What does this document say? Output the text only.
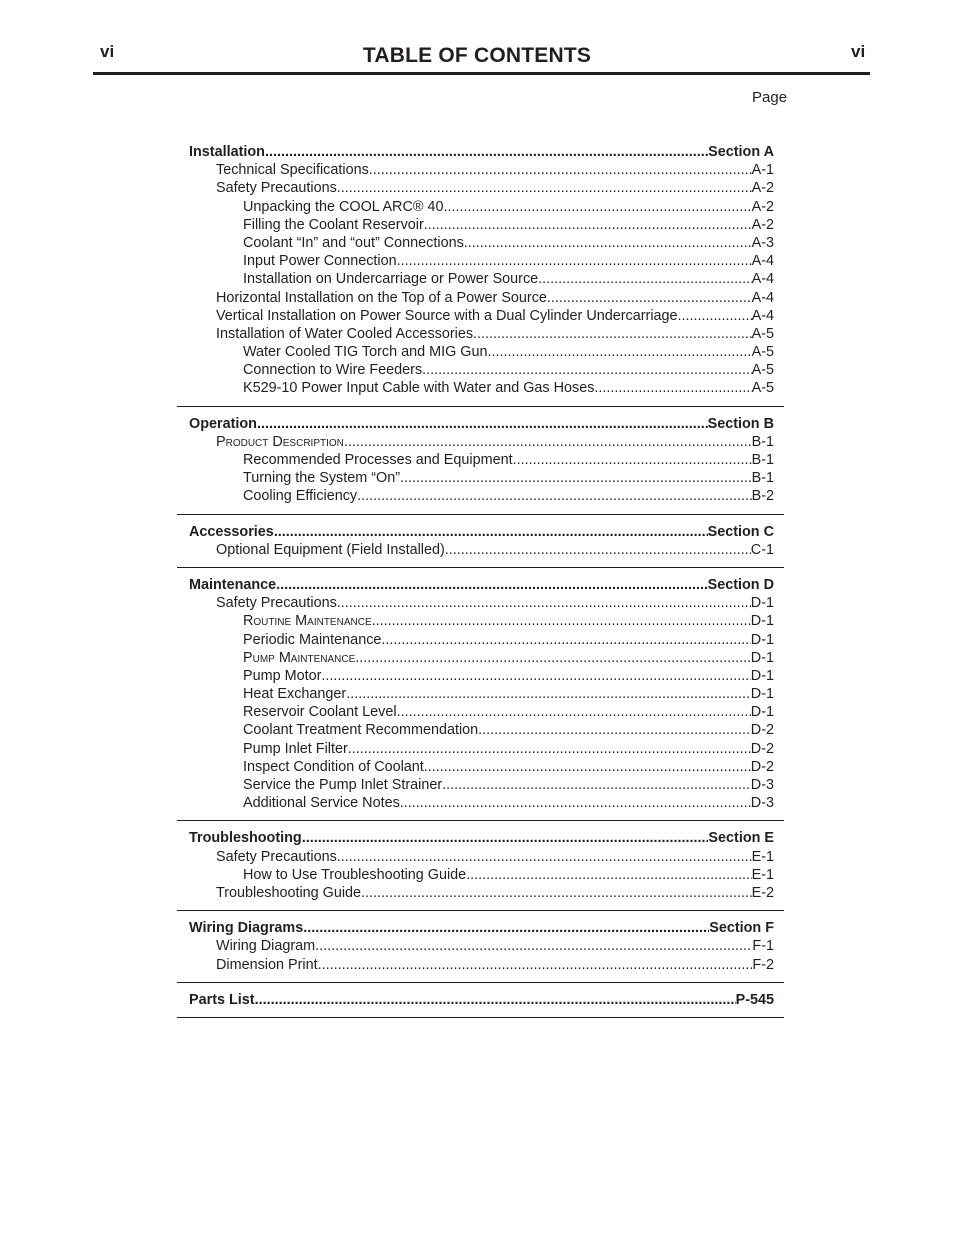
vi	TABLE OF CONTENTS	vi
Page
Installation .....	Section A
Technical Specifications .....	A-1
Safety Precautions .....	A-2
Unpacking the COOL ARC® 40 .....	A-2
Filling the Coolant Reservoir .....	A-2
Coolant “In” and “out” Connections .....	A-3
Input Power Connection. .....	A-4
Installation on Undercarriage or Power Source .....	A-4
Horizontal Installation on the Top of a Power Source .....	A-4
Vertical Installation on Power Source with a Dual Cylinder Undercarriage. .....	A-4
Installation of Water Cooled Accessories .....	A-5
Water Cooled TIG Torch and MIG Gun .....	A-5
Connection to Wire Feeders .....	A-5
K529-10 Power Input Cable with Water and Gas Hoses .....	A-5
Operation .....	Section B
Product Description .....	B-1
Recommended Processes and Equipment .....	B-1
Turning the System “On” .....	B-1
Cooling Efficiency .....	B-2
Accessories .....	Section C
Optional Equipment (Field Installed) .....	C-1
Maintenance .....	Section D
Safety Precautions .....	D-1
Routine Maintenance .....	D-1
Periodic Maintenance .....	D-1
Pump Maintenance .....	D-1
Pump Motor .....	D-1
Heat Exchanger .....	D-1
Reservoir Coolant Level .....	D-1
Coolant Treatment Recommendation .....	D-2
Pump Inlet Filter .....	D-2
Inspect Condition of Coolant .....	D-2
Service the Pump Inlet Strainer .....	D-3
Additional Service Notes .....	D-3
Troubleshooting .....	Section E
Safety Precautions .....	E-1
How to Use Troubleshooting Guide .....	E-1
Troubleshooting Guide .....	E-2
Wiring Diagrams .....	Section F
Wiring Diagram .....	F-1
Dimension Print .....	F-2
Parts List .....	P-545
